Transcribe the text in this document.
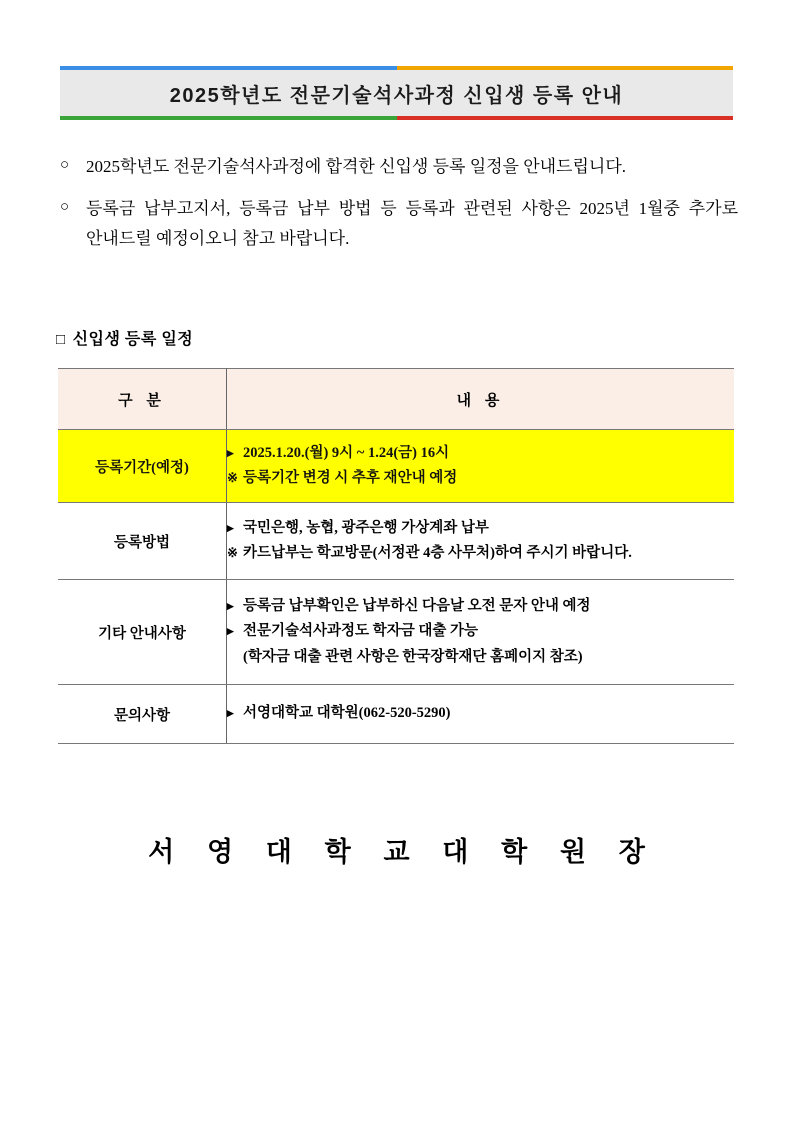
2025학년도 전문기술석사과정 신입생 등록 안내
○ 2025학년도 전문기술석사과정에 합격한 신입생 등록 일정을 안내드립니다.
○ 등록금 납부고지서, 등록금 납부 방법 등 등록과 관련된 사항은 2025년 1월중 추가로 안내드릴 예정이오니 참고 바랍니다.
□ 신입생 등록 일정
구 분	내 용
등록기간(예정)	▸ 2025.1.20.(월) 9시 ~ 1.24(금) 16시
※ 등록기간 변경 시 추후 재안내 예정

등록방법	▸ 국민은행, 농협, 광주은행 가상계좌 납부
※ 카드납부는 학교방문(서정관 4층 사무처)하여 주시기 바랍니다.

기타 안내사항	▸ 등록금 납부확인은 납부하신 다음날 오전 문자 안내 예정
▸ 전문기술석사과정도 학자금 대출 가능
(학자금 대출 관련 사항은 한국장학재단 홈페이지 참조)

문의사항	▸ 서영대학교 대학원(062-520-5290)
서 영 대 학 교 대 학 원 장
